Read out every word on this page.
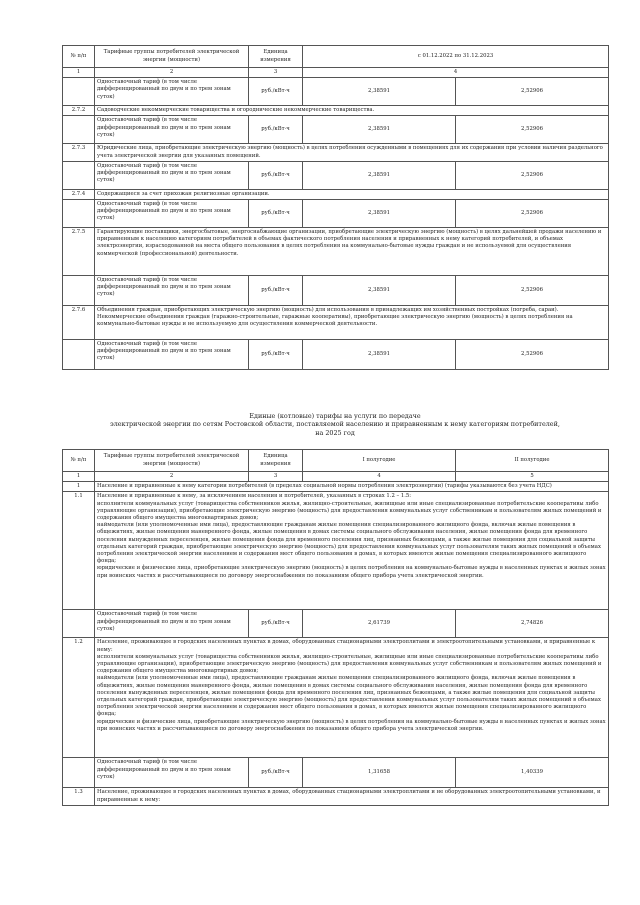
№ п/п	Тарифные группы потребителей электрической энергии (мощности)	Единица измерения	с 01.12.2022 по 31.12.2023	
1	2	3	4	
	Одноставочный тариф (в том числе дифференцированный по двум и по трем зонам суток)	руб./кВт·ч	2,38591	2,52906
2.7.2	Садоводческие некоммерческие товарищества и огороднические некоммерческие товарищества.			
	Одноставочный тариф (в том числе дифференцированный по двум и по трем зонам суток)	руб./кВт·ч	2,38591	2,52906
2.7.3	Юридические лица, приобретающие электрическую энергию (мощность) в целях потребления осужденными в помещениях для их содержания при условии наличия раздельного учета электрической энергии для указанных помещений.			
	Одноставочный тариф (в том числе дифференцированный по двум и по трем зонам суток)	руб./кВт·ч	2,38591	2,52906
2.7.4	Содержащиеся за счет прихожан религиозные организации.			
	Одноставочный тариф (в том числе дифференцированный по двум и по трем зонам суток)	руб./кВт·ч	2,38591	2,52906
2.7.5	Гарантирующие поставщики, энергосбытовые, энергоснабжающие организации, приобретающие электрическую энергию (мощность) в целях дальнейшей продажи населению и приравненным к населению категориям потребителей в объемах фактического потребления населения и приравненных к нему категорий потребителей, и объемах электроэнергии, израсходованной на места общего пользования в целях потребления на коммунально-бытовые нужды граждан и не используемой для осуществления коммерческой (профессиональной) деятельности.			
	Одноставочный тариф (в том числе дифференцированный по двум и по трем зонам суток)	руб./кВт·ч	2,38591	2,52906
2.7.6	Объединения граждан, приобретающих электрическую энергию (мощность) для использования в принадлежащих им хозяйственных постройках (погреба, сараи). Некоммерческие объединения граждан (гаражно-строительные, гаражные кооперативы), приобретающие электрическую энергию (мощность) в целях потребления на коммунально-бытовые нужды и не используемую для осуществления коммерческой деятельности.			
	Одноставочный тариф (в том числе дифференцированный по двум и по трем зонам суток)	руб./кВт·ч	2,38591	2,52906
Единые (котловые) тарифы на услуги по передаче
электрической энергии по сетям Ростовской области, поставляемой населению и приравненным к нему категориям потребителей,
на 2025 год
№ п/п	Тарифные группы потребителей электрической энергии (мощности)	Единица измерения	I полугодие	II полугодие
1	2	3	4	5
1	Население и приравненные к нему категории потребителей (в пределах социальной нормы потребления электроэнергии) (тарифы указываются без учета НДС)			
1.1	Население и приравненные к нему, за исключением населения и потребителей, указанных в строках 1.2 – 1.5:
исполнители коммунальных услуг (товарищества собственников жилья, жилищно-строительные, жилищные или иные специализированные потребительские кооперативы либо управляющие организации), приобретающие электрическую энергию (мощность) для предоставления коммунальных услуг собственникам и пользователям жилых помещений и содержания общего имущества многоквартирных домов;
наймодатели (или уполномоченные ими лица), предоставляющие гражданам жилые помещения специализированного жилищного фонда, включая жилые помещения в общежитиях, жилые помещения маневренного фонда, жилые помещения в домах системы социального обслуживания населения, жилые помещения фонда для временного поселения вынужденных переселенцев, жилые помещения фонда для временного поселения лиц, признанных беженцами, а также жилые помещения для социальной защиты отдельных категорий граждан, приобретающие электрическую энергию (мощность) для предоставления коммунальных услуг пользователям таких жилых помещений в объемах потребления электрической энергии населением и содержания мест общего пользования в домах, в которых имеются жилые помещения специализированного жилищного фонда;
юридические и физические лица, приобретающие электрическую энергию (мощность) в целях потребления на коммунально-бытовые нужды в населенных пунктах и жилых зонах при воинских частях и рассчитывающиеся по договору энергоснабжения по показаниям общего прибора учета электрической энергии.			
	Одноставочный тариф (в том числе дифференцированный по двум и по трем зонам суток)	руб./кВт·ч	2,61739	2,74826
1.2	Население, проживающее в городских населенных пунктах в домах, оборудованных стационарными электроплитами и электроотопительными установками, и приравненные к нему:
исполнители коммунальных услуг (товарищества собственников жилья, жилищно-строительные, жилищные или иные специализированные потребительские кооперативы либо управляющие организации), приобретающие электрическую энергию (мощность) для предоставления коммунальных услуг собственникам и пользователям жилых помещений и содержания общего имущества многоквартирных домов;
наймодатели (или уполномоченные ими лица), предоставляющие гражданам жилые помещения специализированного жилищного фонда, включая жилые помещения в общежитиях, жилые помещения маневренного фонда, жилые помещения в домах системы социального обслуживания населения, жилые помещения фонда для временного поселения вынужденных переселенцев, жилые помещения фонда для временного поселения лиц, признанных беженцами, а также жилые помещения для социальной защиты отдельных категорий граждан, приобретающие электрическую энергию (мощность) для предоставления коммунальных услуг пользователям таких жилых помещений в объемах потребления электрической энергии населением и содержания мест общего пользования в домах, в которых имеются жилые помещения специализированного жилищного фонда;
юридические и физические лица, приобретающие электрическую энергию (мощность) в целях потребления на коммунально-бытовые нужды в населенных пунктах и жилых зонах при воинских частях и рассчитывающиеся по договору энергоснабжения по показаниям общего прибора учета электрической энергии.			
	Одноставочный тариф (в том числе дифференцированный по двум и по трем зонам суток)	руб./кВт·ч	1,31658	1,40339
1.3	Население, проживающее в городских населенных пунктах в домах, оборудованных стационарными электроплитами и не оборудованных электроотопительными установками, и приравненные к нему:			
